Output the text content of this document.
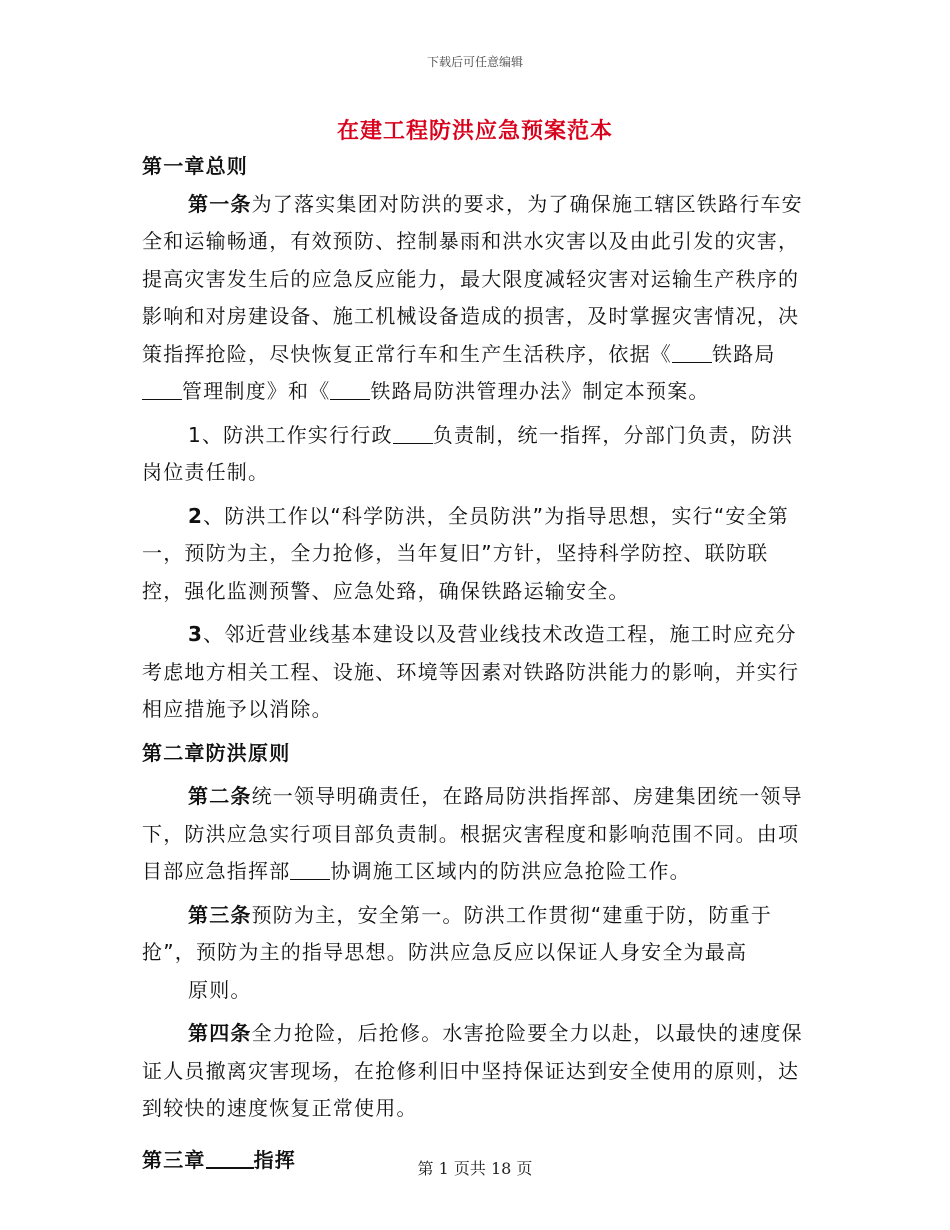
下载后可任意编辑
在建工程防洪应急预案范本

第一章总则

第一条为了落实集团对防洪的要求，为了确保施工辖区铁路行车安全和运输畅通，有效预防、控制暴雨和洪水灾害以及由此引发的灾害，提高灾害发生后的应急反应能力，最大限度减轻灾害对运输生产秩序的影响和对房建设备、施工机械设备造成的损害，及时掌握灾害情况，决策指挥抢险，尽快恢复正常行车和生产生活秩序，依据《 铁路局管理制度》和《 铁路局防洪管理办法》制定本预案。

1、防洪工作实行行政 负责制，统一指挥，分部门负责，防洪岗位责任制。

2、防洪工作以“科学防洪，全员防洪”为指导思想，实行“安全第一，预防为主，全力抢修，当年复旧”方针，坚持科学防控、联防联控，强化监测预警、应急处臵，确保铁路运输安全。

3、邻近营业线基本建设以及营业线技术改造工程，施工时应充分考虑地方相关工程、设施、环境等因素对铁路防洪能力的影响，并实行相应措施予以消除。

第二章防洪原则

第二条统一领导明确责任，在路局防洪指挥部、房建集团统一领导下，防洪应急实行项目部负责制。根据灾害程度和影响范围不同。由项目部应急指挥部 协调施工区域内的防洪应急抢险工作。

第三条预防为主，安全第一。防洪工作贯彻“建重于防，防重于抢”，预防为主的指导思想。防洪应急反应以保证人身安全为最高
原则。

第四条全力抢险，后抢修。水害抢险要全力以赴，以最快的速度保证人员撤离灾害现场，在抢修利旧中坚持保证达到安全使用的原则，达到较快的速度恢复正常使用。

第三章 指挥	第 1 页共 18 页
